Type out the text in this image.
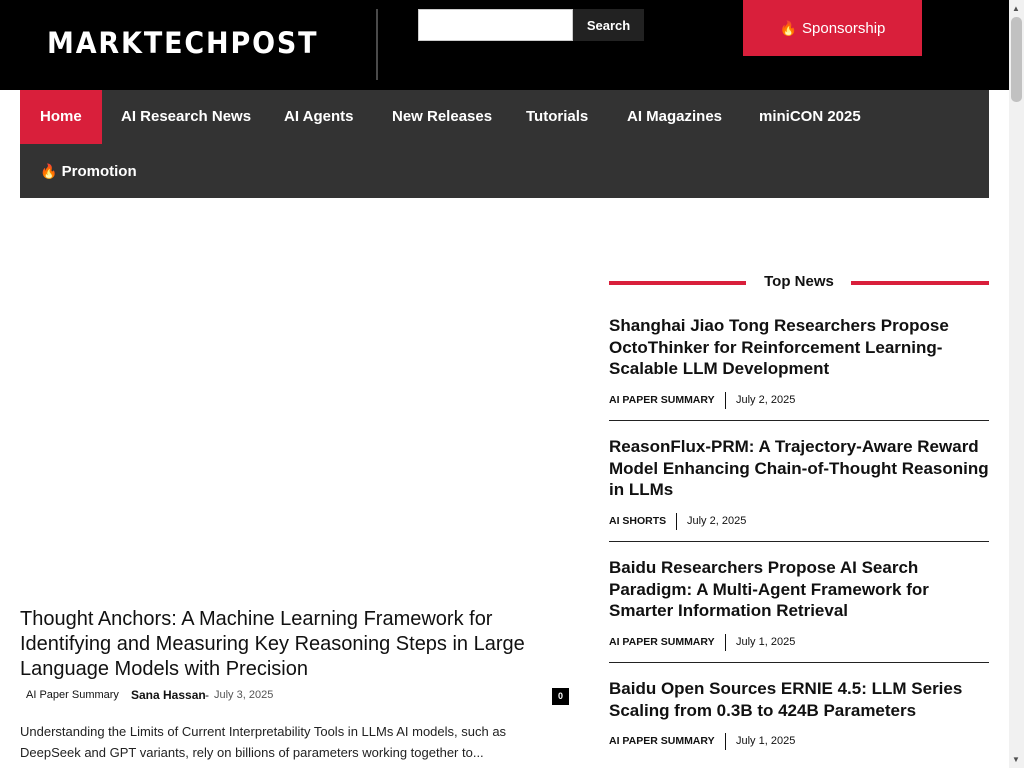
MARKTECHPOST
Search	🔥 Sponsorship
Home	AI Research News	AI Agents	New Releases	Tutorials	AI Magazines	miniCON 2025
🔥 Promotion
Thought Anchors: A Machine Learning Framework for Identifying and Measuring Key Reasoning Steps in Large Language Models with Precision
AI Paper Summary Sana Hassan - July 3, 2025	0
Understanding the Limits of Current Interpretability Tools in LLMs AI models, such as DeepSeek and GPT variants, rely on billions of parameters working together to...
Top News
Shanghai Jiao Tong Researchers Propose OctoThinker for Reinforcement Learning-Scalable LLM Development
AI PAPER SUMMARY July 2, 2025
ReasonFlux-PRM: A Trajectory-Aware Reward Model Enhancing Chain-of-Thought Reasoning in LLMs
AI SHORTS July 2, 2025
Baidu Researchers Propose AI Search Paradigm: A Multi-Agent Framework for Smarter Information Retrieval
AI PAPER SUMMARY July 1, 2025
Baidu Open Sources ERNIE 4.5: LLM Series Scaling from 0.3B to 424B Parameters
AI PAPER SUMMARY July 1, 2025
▲
▼
